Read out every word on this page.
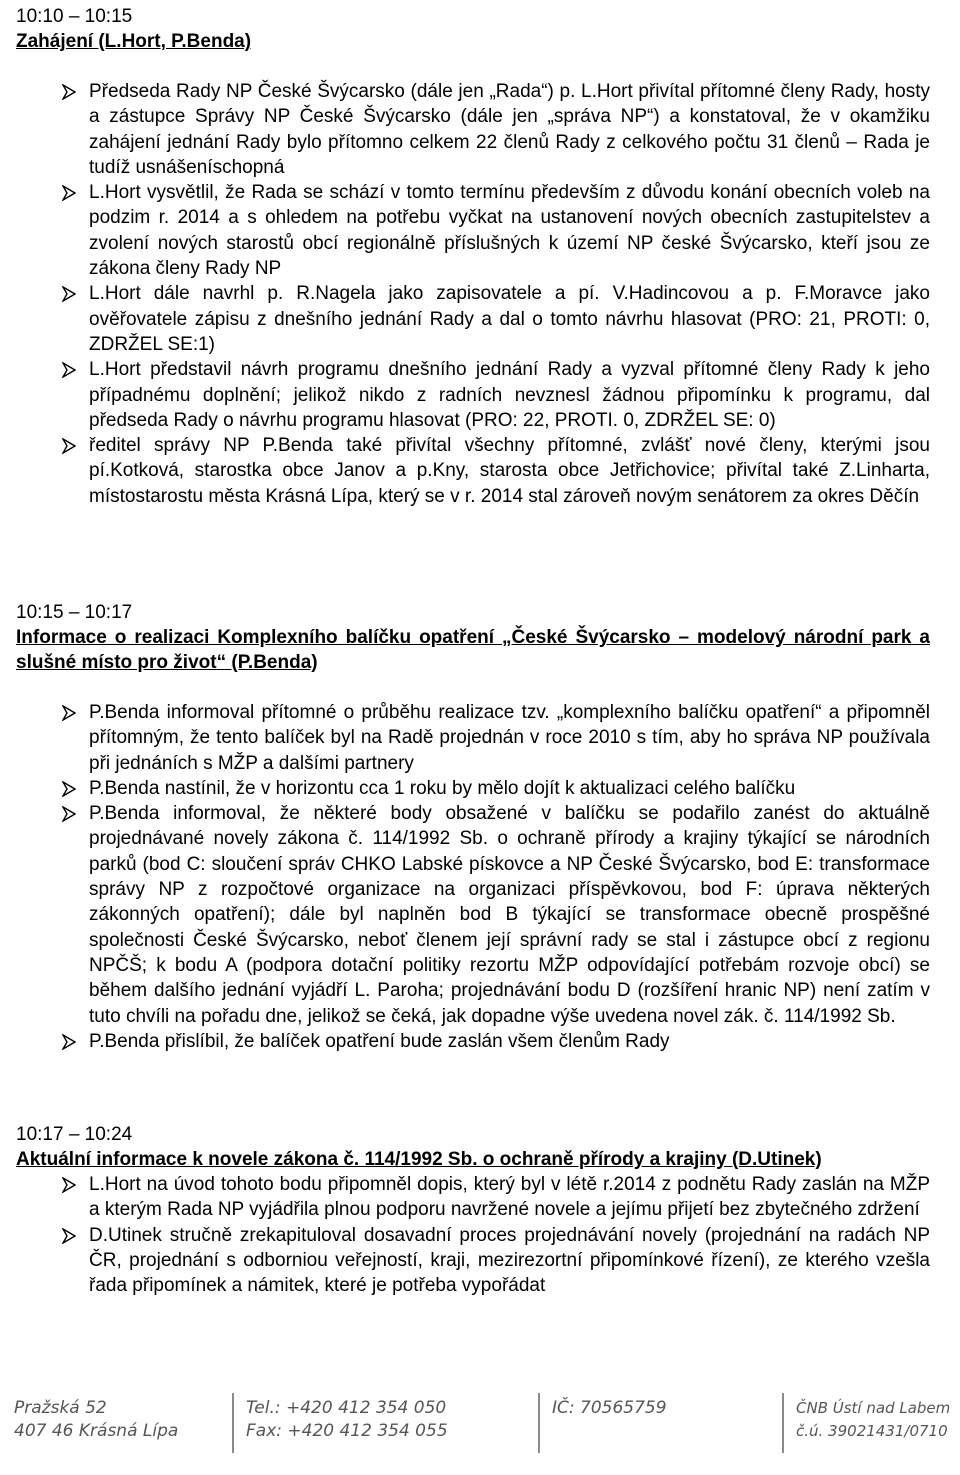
10:10 – 10:15

Zahájení (L.Hort, P.Benda)

Předseda Rady NP České Švýcarsko (dále jen „Rada“) p. L.Hort přivítal přítomné členy Rady, hosty a zástupce Správy NP České Švýcarsko (dále jen „správa NP“) a konstatoval, že v okamžiku zahájení jednání Rady bylo přítomno celkem 22 členů Rady z celkového počtu 31 členů – Rada je tudíž usnášeníschopná
L.Hort vysvětlil, že Rada se schází v tomto termínu především z důvodu konání obecních voleb na podzim r. 2014 a s ohledem na potřebu vyčkat na ustanovení nových obecních zastupitelstev a zvolení nových starostů obcí regionálně příslušných k území NP české Švýcarsko, kteří jsou ze zákona členy Rady NP
L.Hort dále navrhl p. R.Nagela jako zapisovatele a pí. V.Hadincovou a p. F.Moravce jako ověřovatele zápisu z dnešního jednání Rady a dal o tomto návrhu hlasovat (PRO: 21, PROTI: 0, ZDRŽEL SE:1)
L.Hort představil návrh programu dnešního jednání Rady a vyzval přítomné členy Rady k jeho případnému doplnění; jelikož nikdo z radních nevznesl žádnou připomínku k programu, dal předseda Rady o návrhu programu hlasovat (PRO: 22, PROTI. 0, ZDRŽEL SE: 0)
ředitel správy NP P.Benda také přivítal všechny přítomné, zvlášť nové členy, kterými jsou pí.Kotková, starostka obce Janov a p.Kny, starosta obce Jetřichovice; přivítal také Z.Linharta, místostarostu města Krásná Lípa, který se v r. 2014 stal zároveň novým senátorem za okres Děčín

10:15 – 10:17

Informace o realizaci Komplexního balíčku opatření „České Švýcarsko – modelový národní park a slušné místo pro život“ (P.Benda)

P.Benda informoval přítomné o průběhu realizace tzv. „komplexního balíčku opatření“ a připomněl přítomným, že tento balíček byl na Radě projednán v roce 2010 s tím, aby ho správa NP používala při jednáních s MŽP a dalšími partnery
P.Benda nastínil, že v horizontu cca 1 roku by mělo dojít k aktualizaci celého balíčku
P.Benda informoval, že některé body obsažené v balíčku se podařilo zanést do aktuálně projednávané novely zákona č. 114/1992 Sb. o ochraně přírody a krajiny týkající se národních parků (bod C: sloučení správ CHKO Labské pískovce a NP České Švýcarsko, bod E: transformace správy NP z rozpočtové organizace na organizaci příspěvkovou, bod F: úprava některých zákonných opatření); dále byl naplněn bod B týkající se transformace obecně prospěšné společnosti České Švýcarsko, neboť členem její správní rady se stal i zástupce obcí z regionu NPČŠ; k bodu A (podpora dotační politiky rezortu MŽP odpovídající potřebám rozvoje obcí) se během dalšího jednání vyjádří L. Paroha; projednávání bodu D (rozšíření hranic NP) není zatím v tuto chvíli na pořadu dne, jelikož se čeká, jak dopadne výše uvedena novel zák. č. 114/1992 Sb.
P.Benda přislíbil, že balíček opatření bude zaslán všem členům Rady

10:17 – 10:24

Aktuální informace k novele zákona č. 114/1992 Sb. o ochraně přírody a krajiny (D.Utinek)

L.Hort na úvod tohoto bodu připomněl dopis, který byl v létě r.2014 z podnětu Rady zaslán na MŽP a kterým Rada NP vyjádřila plnou podporu navržené novele a jejímu přijetí bez zbytečného zdržení
D.Utinek stručně zrekapituloval dosavadní proces projednávání novely (projednání na radách NP ČR, projednání s odborniou veřejností, kraji, mezirezortní připomínkové řízení), ze kterého vzešla řada připomínek a námitek, které je potřeba vypořádat
Pražská 52
407 46 Krásná Lípa
Tel.: +420 412 354 050
Fax: +420 412 354 055
IČ: 70565759	ČNB Ústí nad Labem
č.ú. 39021431/0710
